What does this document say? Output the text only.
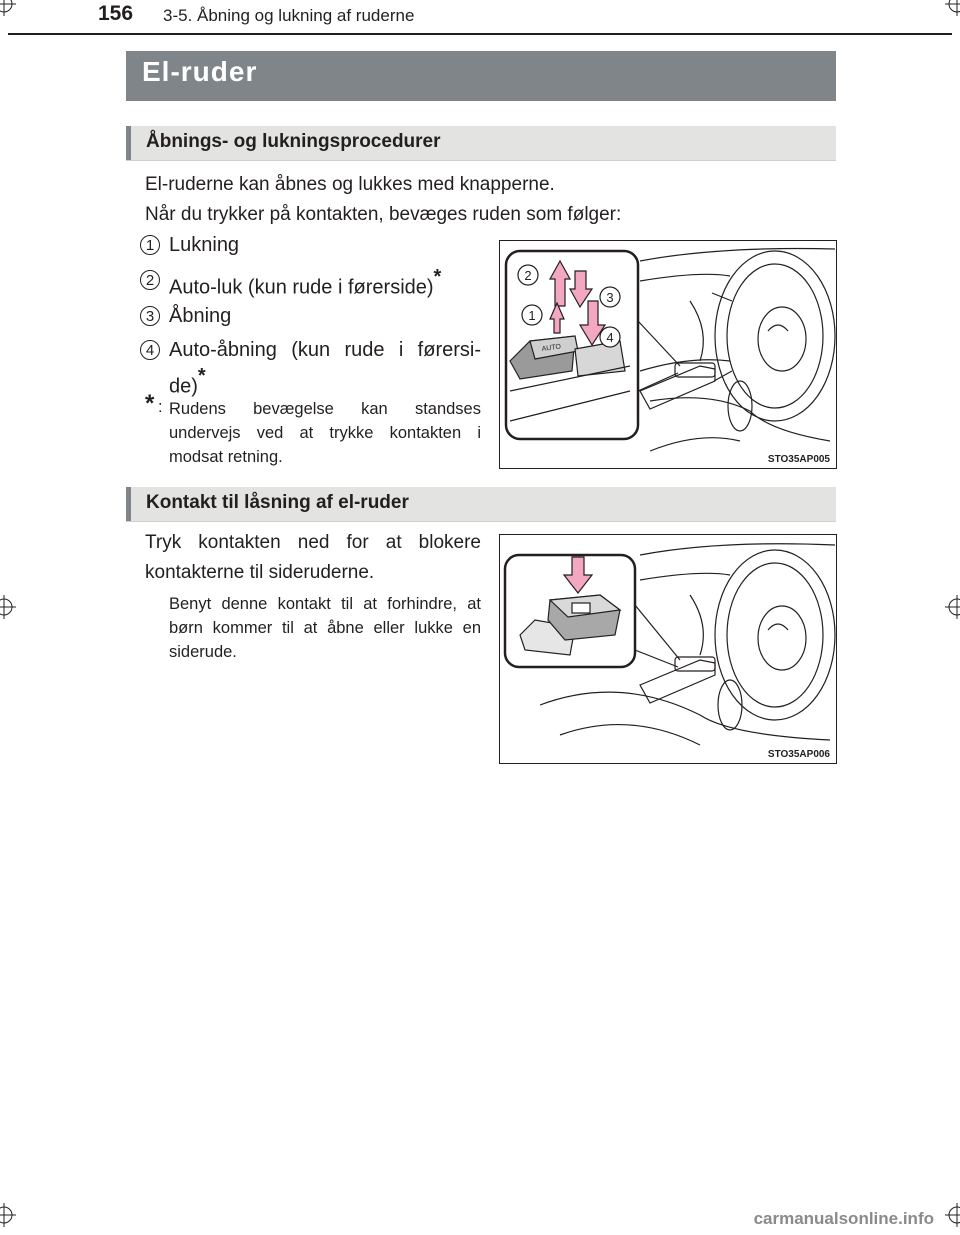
156 3-5. Åbning og lukning af ruderne
El-ruder
Åbnings- og lukningsprocedurer
El-ruderne kan åbnes og lukkes med knapperne.
Når du trykker på kontakten, bevæges ruden som følger:
1 Lukning
2 Auto-luk (kun rude i førerside)*
3 Åbning
4 Auto-åbning (kun rude i førersi-
de)*
* : Rudens bevægelse kan standses undervejs ved at trykke kontakten i modsat retning.
AUTO
2
3
1
4
STO35AP005
Kontakt til låsning af el-ruder
Tryk kontakten ned for at blokere
kontakterne til sideruderne.
Benyt denne kontakt til at forhindre, at børn kommer til at åbne eller lukke en siderude.
STO35AP006
carmanualsonline.info
